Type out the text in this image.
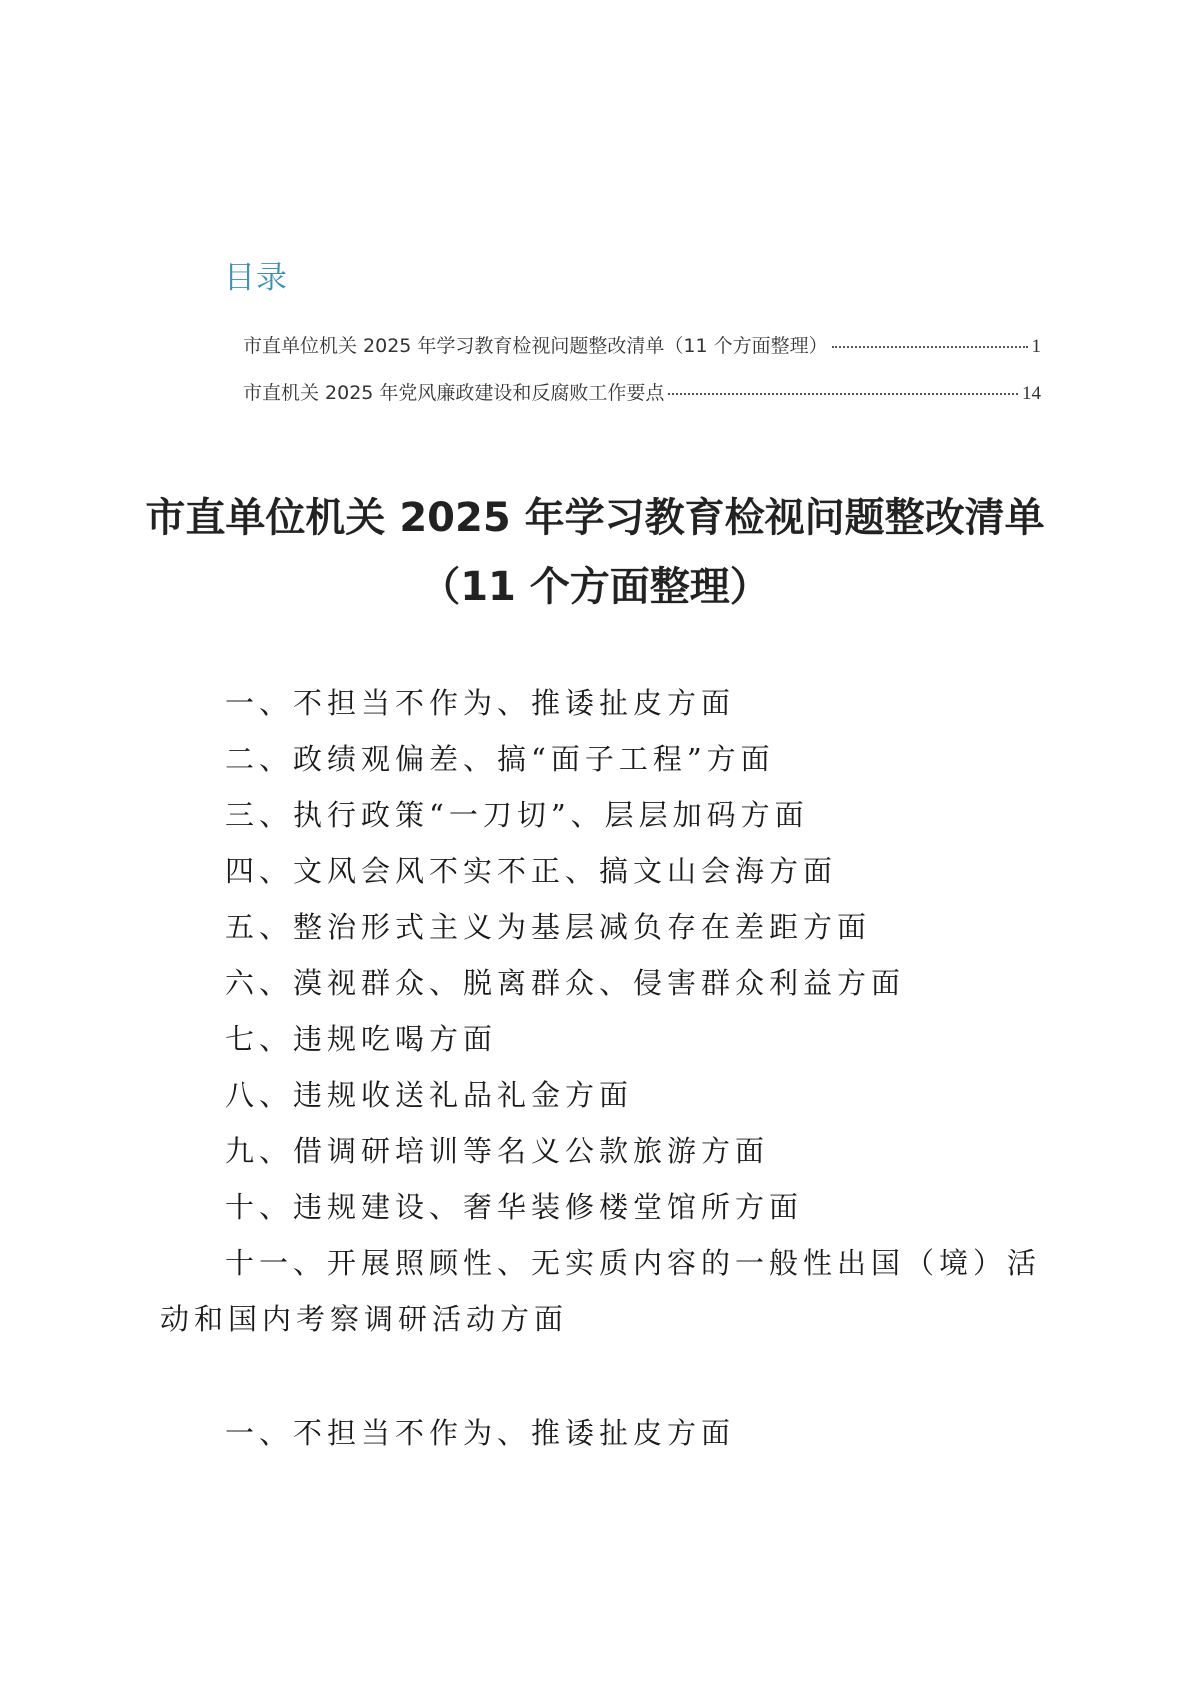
目录
市直单位机关 2025 年学习教育检视问题整改清单（11 个方面整理）	1
市直机关 2025 年党风廉政建设和反腐败工作要点	14
市直单位机关 2025 年学习教育检视问题整改清单
（11 个方面整理）
一、不担当不作为、推诿扯皮方面
二、政绩观偏差、搞“面子工程”方面
三、执行政策“一刀切”、层层加码方面
四、文风会风不实不正、搞文山会海方面
五、整治形式主义为基层减负存在差距方面
六、漠视群众、脱离群众、侵害群众利益方面
七、违规吃喝方面
八、违规收送礼品礼金方面
九、借调研培训等名义公款旅游方面
十、违规建设、奢华装修楼堂馆所方面
十一、开展照顾性、无实质内容的一般性出国（境）活动和国内考察调研活动方面
一、不担当不作为、推诿扯皮方面
